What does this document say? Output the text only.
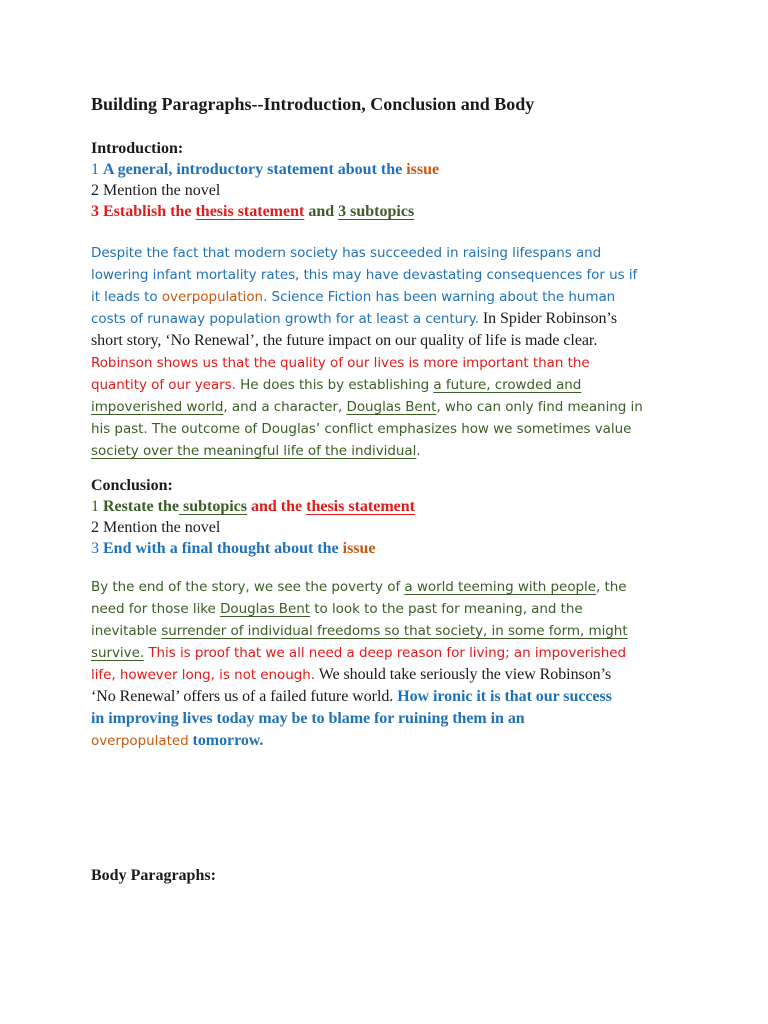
Building Paragraphs--Introduction, Conclusion and Body
Introduction:
1 A general, introductory statement about the issue
2 Mention the novel
3 Establish the thesis statement and 3 subtopics
Despite the fact that modern society has succeeded in raising lifespans and
lowering infant mortality rates, this may have devastating consequences for us if
it leads to overpopulation. Science Fiction has been warning about the human
costs of runaway population growth for at least a century. In Spider Robinson’s
short story, ‘No Renewal’, the future impact on our quality of life is made clear.
Robinson shows us that the quality of our lives is more important than the
quantity of our years. He does this by establishing a future, crowded and
impoverished world, and a character, Douglas Bent, who can only find meaning in
his past. The outcome of Douglas’ conflict emphasizes how we sometimes value
society over the meaningful life of the individual.
Conclusion:
1 Restate the subtopics and the thesis statement
2 Mention the novel
3 End with a final thought about the issue
By the end of the story, we see the poverty of a world teeming with people, the
need for those like Douglas Bent to look to the past for meaning, and the
inevitable surrender of individual freedoms so that society, in some form, might
survive. This is proof that we all need a deep reason for living; an impoverished
life, however long, is not enough. We should take seriously the view Robinson’s
‘No Renewal’ offers us of a failed future world. How ironic it is that our success
in improving lives today may be to blame for ruining them in an
overpopulated tomorrow.
Body Paragraphs:
